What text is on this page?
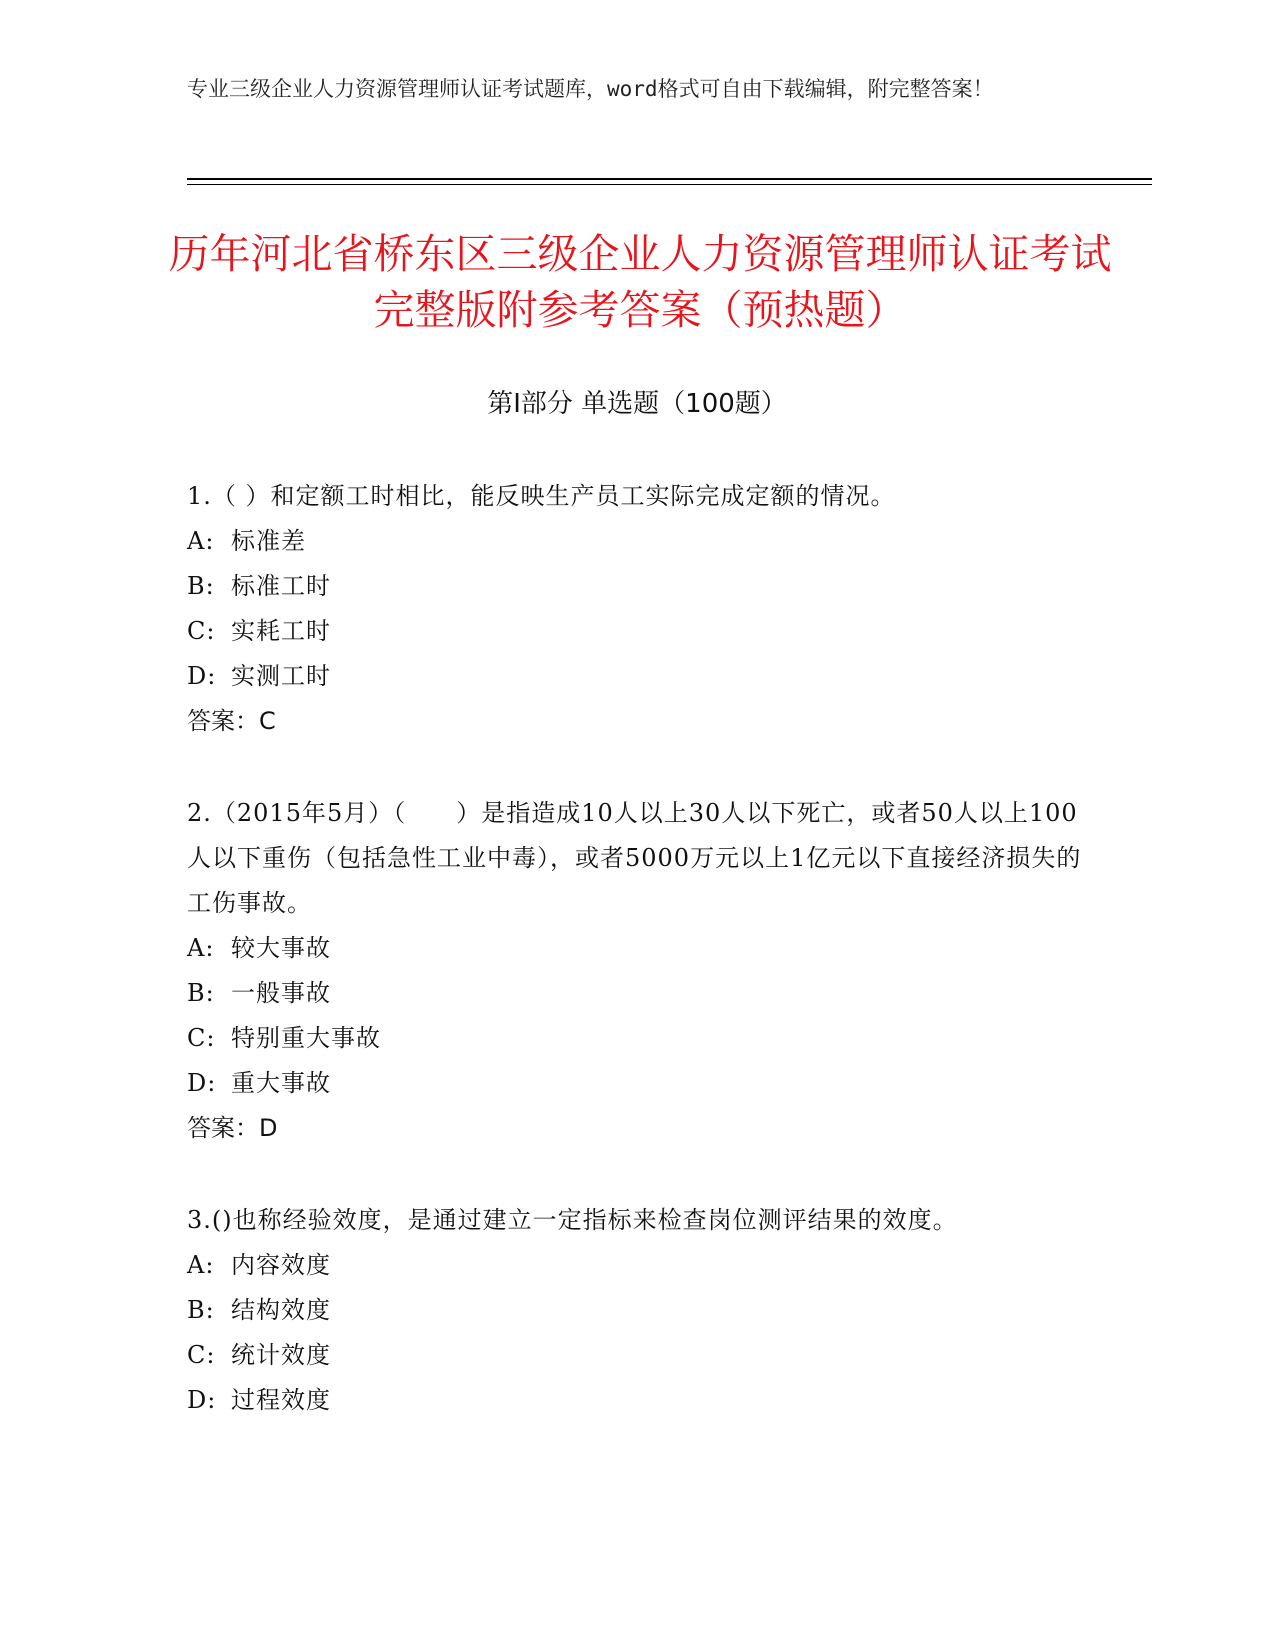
专业三级企业人力资源管理师认证考试题库，word格式可自由下载编辑，附完整答案！
历年河北省桥东区三级企业人力资源管理师认证考试完整版附参考答案（预热题）
第I部分 单选题（100题）

1.（ ）和定额工时相比，能反映生产员工实际完成定额的情况。

A: 标准差

B: 标准工时

C: 实耗工时

D: 实测工时

答案：C

2.（2015年5月）（　　）是指造成10人以上30人以下死亡，或者50人以上100人以下重伤（包括急性工业中毒），或者5000万元以上1亿元以下直接经济损失的工伤事故。

A: 较大事故

B: 一般事故

C: 特别重大事故

D: 重大事故

答案：D

3.()也称经验效度，是通过建立一定指标来检查岗位测评结果的效度。

A: 内容效度

B: 结构效度

C: 统计效度

D: 过程效度
